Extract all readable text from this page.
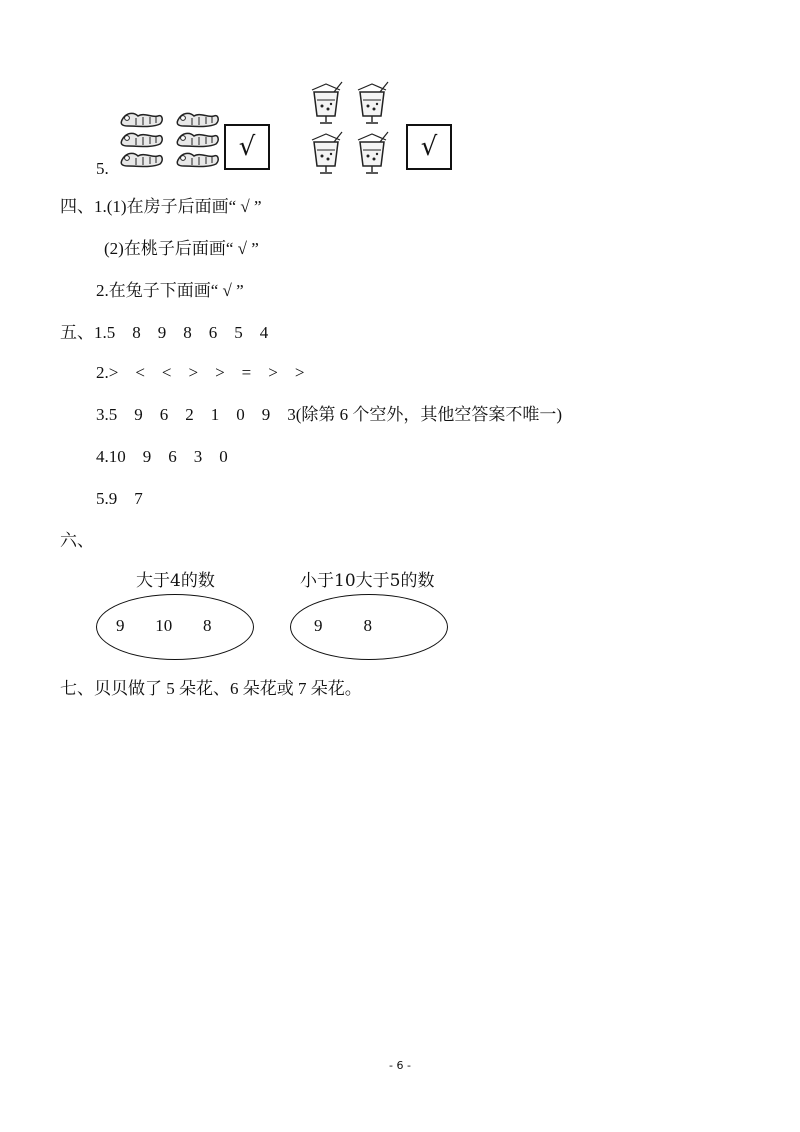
5.
√	√
四、 1.(1)在房子后面画“ √ ”
(2)在桃子后面画“ √ ”
2.在兔子下面画“ √ ”
五、 1.5    8    9    8    6    5    4
2.>    <    <    >    >    =    >    >
3.5    9    6    2    1    0    9    3(除第 6 个空外，其他空答案不唯一)
4.10    9    6    3    0
5.9    7
六、
大于4的数
9   10   8
小于10大于5的数
9    8
七、贝贝做了 5 朵花、6 朵花或 7 朵花。
- 6 -
